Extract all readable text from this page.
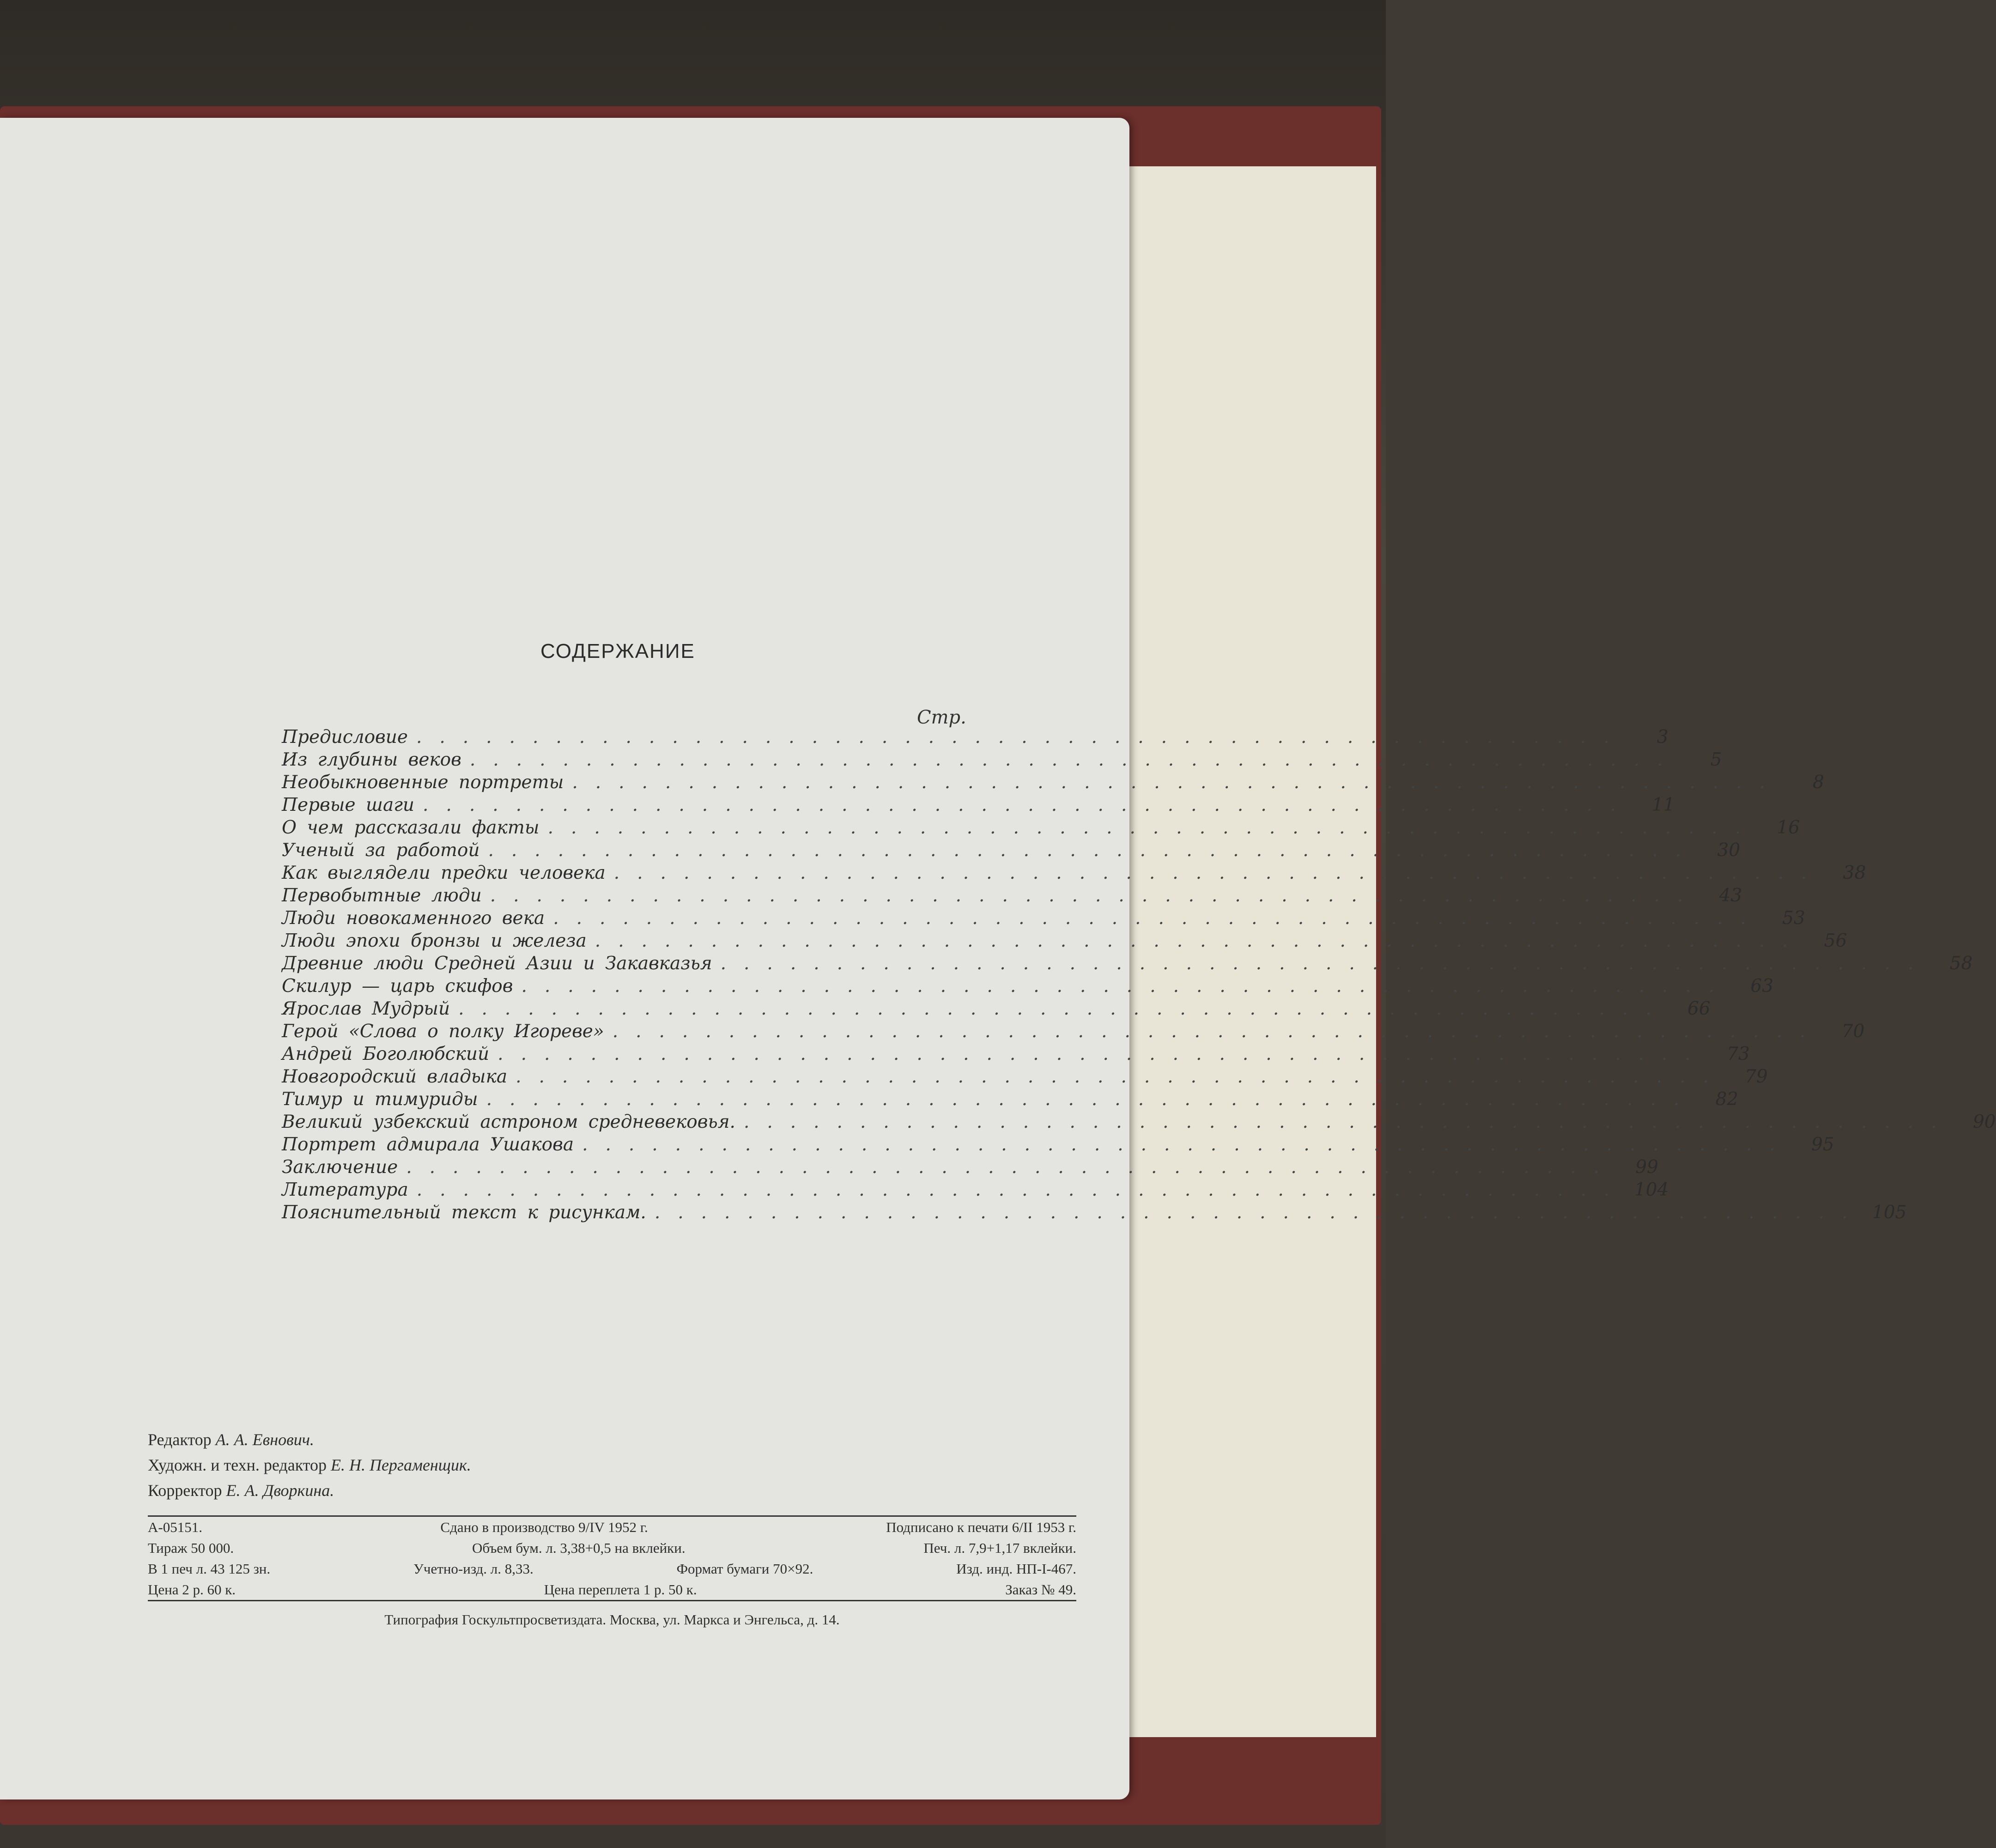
СОДЕРЖАНИЕ
Стр.
Предисловие ....................................................	3
Из глубины веков ....................................................	5
Необыкновенные портреты ....................................................	8
Первые шаги ....................................................	11
О чем рассказали факты ....................................................	16
Ученый за работой ....................................................	30
Как выглядели предки человека ....................................................	38
Первобытные люди ....................................................	43
Люди новокаменного века ....................................................	53
Люди эпохи бронзы и железа ....................................................	56
Древние люди Средней Азии и Закавказья ....................................................	58
Скилур — царь скифов ....................................................	63
Ярослав Мудрый ....................................................	66
Герой «Слова о полку Игореве» ....................................................	70
Андрей Боголюбский ....................................................	73
Новгородский владыка ....................................................	79
Тимур и тимуриды ....................................................	82
Великий узбекский астроном средневековья. ....................................................	90
Портрет адмирала Ушакова ....................................................	95
Заключение ....................................................	99
Литература .................................................... 104
Пояснительный текст к рисункам. .................................................... 105
Редактор А. А. Евнович.
Художн. и техн. редактор Е. Н. Пергаменщик.
Корректор Е. А. Дворкина.
А-05151.	Сдано в производство 9/IV 1952 г.	Подписано к печати 6/II 1953 г.
Тираж 50 000.	Объем бум. л. 3,38+0,5 на вклейки.	Печ. л. 7,9+1,17 вклейки.
В 1 печ л. 43 125 зн.	Учетно-изд. л. 8,33.	Формат бумаги 70×92.	Изд. инд. НП-I-467.
Цена 2 р. 60 к.	Цена переплета 1 р. 50 к.	Заказ № 49.
Типография Госкультпросветиздата. Москва, ул. Маркса и Энгельса, д. 14.
